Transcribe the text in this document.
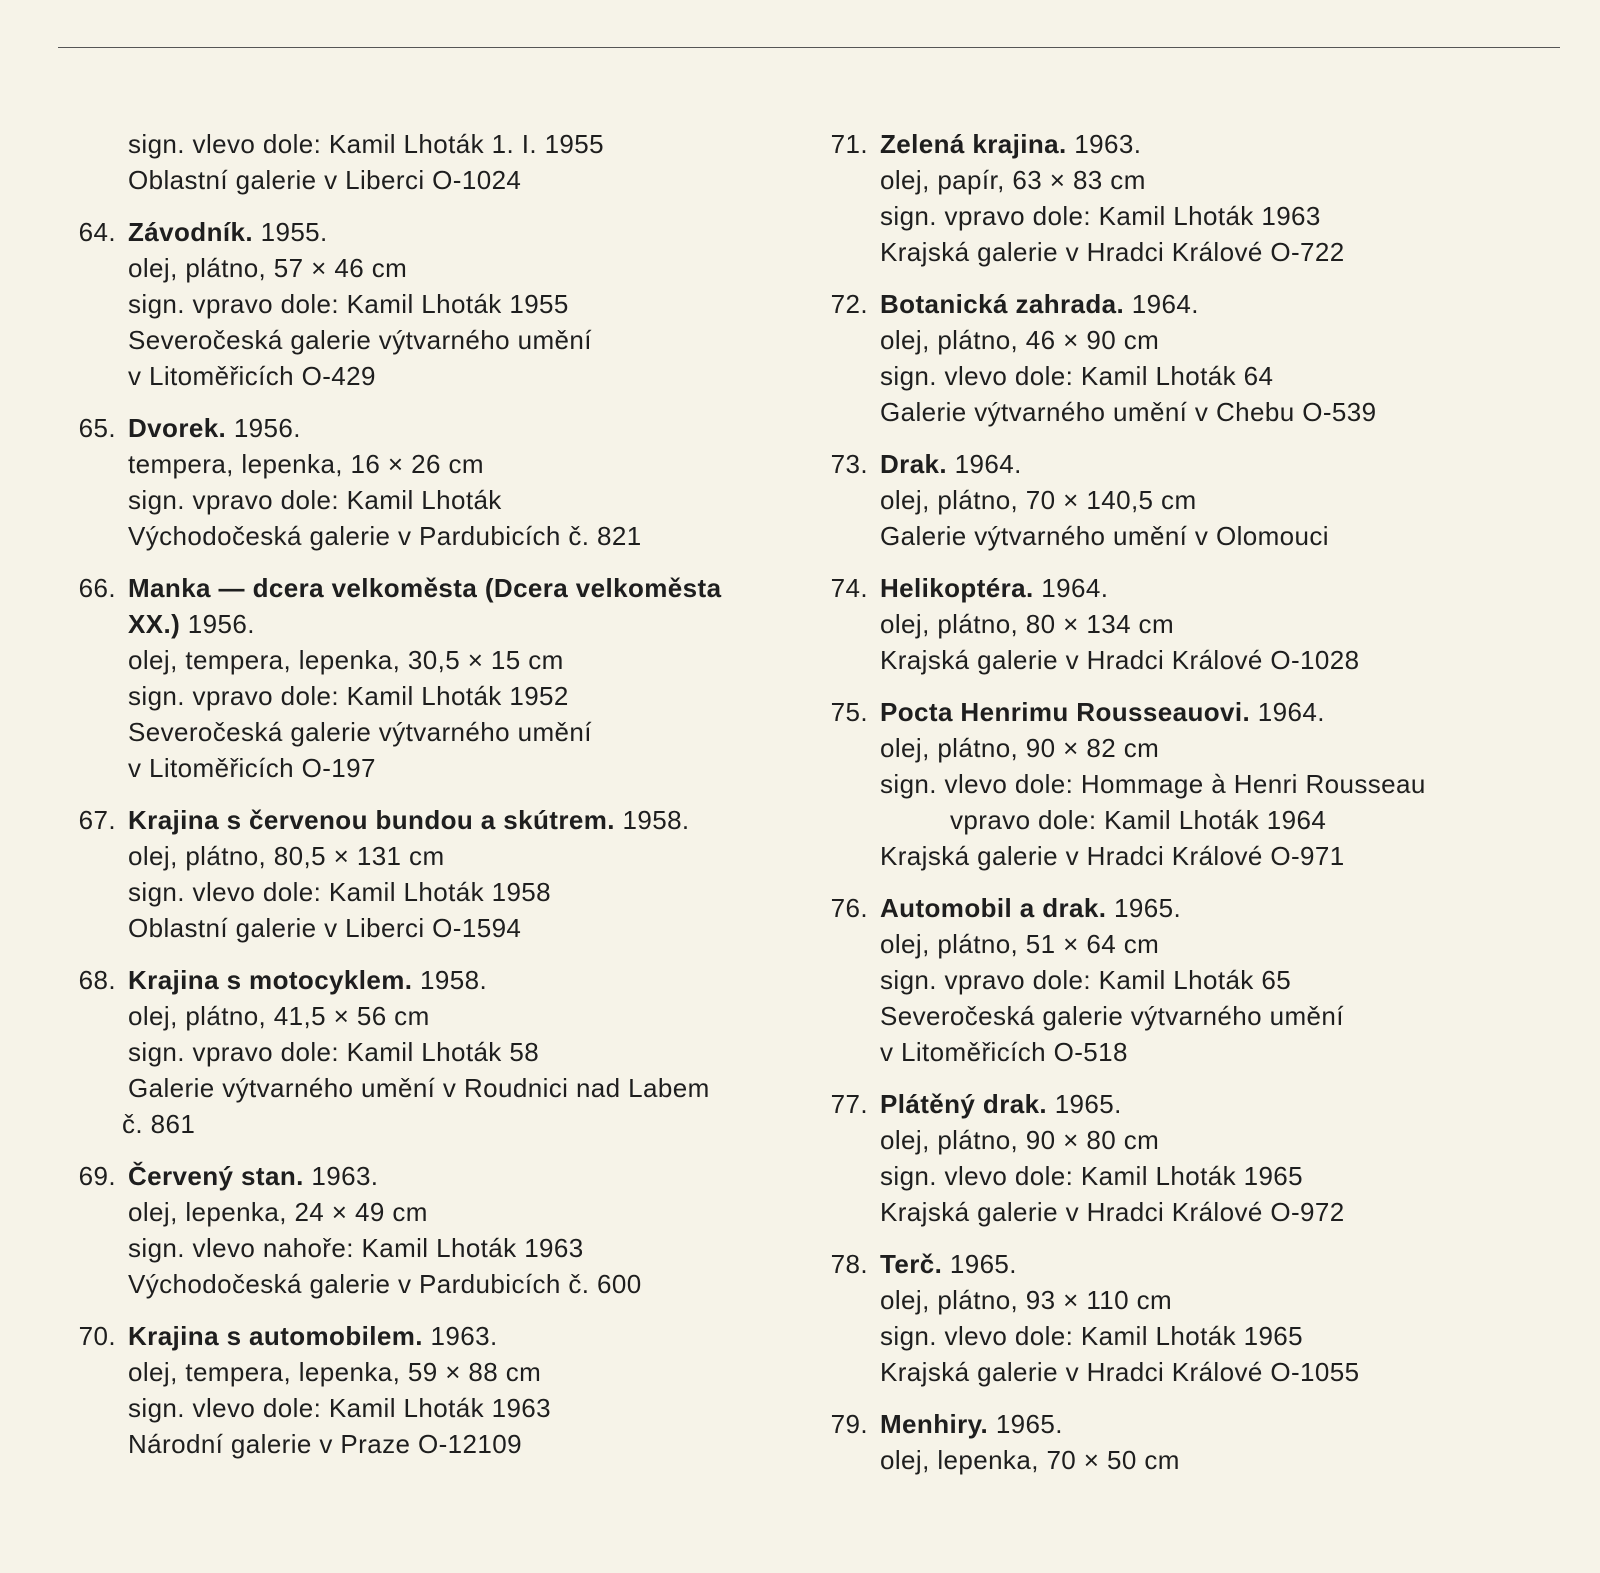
sign. vlevo dole: Kamil Lhoták 1. I. 1955
Oblastní galerie v Liberci O-1024
64. Závodník. 1955.
olej, plátno, 57 × 46 cm
sign. vpravo dole: Kamil Lhoták 1955
Severočeská galerie výtvarného umění
v Litoměřicích O-429
65. Dvorek. 1956.
tempera, lepenka, 16 × 26 cm
sign. vpravo dole: Kamil Lhoták
Východočeská galerie v Pardubicích č. 821
66. Manka — dcera velkoměsta (Dcera velkoměsta
XX.) 1956.
olej, tempera, lepenka, 30,5 × 15 cm
sign. vpravo dole: Kamil Lhoták 1952
Severočeská galerie výtvarného umění
v Litoměřicích O-197
67. Krajina s červenou bundou a skútrem. 1958.
olej, plátno, 80,5 × 131 cm
sign. vlevo dole: Kamil Lhoták 1958
Oblastní galerie v Liberci O-1594
68. Krajina s motocyklem. 1958.
olej, plátno, 41,5 × 56 cm
sign. vpravo dole: Kamil Lhoták 58
Galerie výtvarného umění v Roudnici nad Labem
č. 861
69. Červený stan. 1963.
olej, lepenka, 24 × 49 cm
sign. vlevo nahoře: Kamil Lhoták 1963
Východočeská galerie v Pardubicích č. 600
70. Krajina s automobilem. 1963.
olej, tempera, lepenka, 59 × 88 cm
sign. vlevo dole: Kamil Lhoták 1963
Národní galerie v Praze O-12109
71. Zelená krajina. 1963.
olej, papír, 63 × 83 cm
sign. vpravo dole: Kamil Lhoták 1963
Krajská galerie v Hradci Králové O-722
72. Botanická zahrada. 1964.
olej, plátno, 46 × 90 cm
sign. vlevo dole: Kamil Lhoták 64
Galerie výtvarného umění v Chebu O-539
73. Drak. 1964.
olej, plátno, 70 × 140,5 cm
Galerie výtvarného umění v Olomouci
74. Helikoptéra. 1964.
olej, plátno, 80 × 134 cm
Krajská galerie v Hradci Králové O-1028
75. Pocta Henrimu Rousseauovi. 1964.
olej, plátno, 90 × 82 cm
sign. vlevo dole: Hommage à Henri Rousseau
vpravo dole: Kamil Lhoták 1964
Krajská galerie v Hradci Králové O-971
76. Automobil a drak. 1965.
olej, plátno, 51 × 64 cm
sign. vpravo dole: Kamil Lhoták 65
Severočeská galerie výtvarného umění
v Litoměřicích O-518
77. Plátěný drak. 1965.
olej, plátno, 90 × 80 cm
sign. vlevo dole: Kamil Lhoták 1965
Krajská galerie v Hradci Králové O-972
78. Terč. 1965.
olej, plátno, 93 × 110 cm
sign. vlevo dole: Kamil Lhoták 1965
Krajská galerie v Hradci Králové O-1055
79. Menhiry. 1965.
olej, lepenka, 70 × 50 cm
